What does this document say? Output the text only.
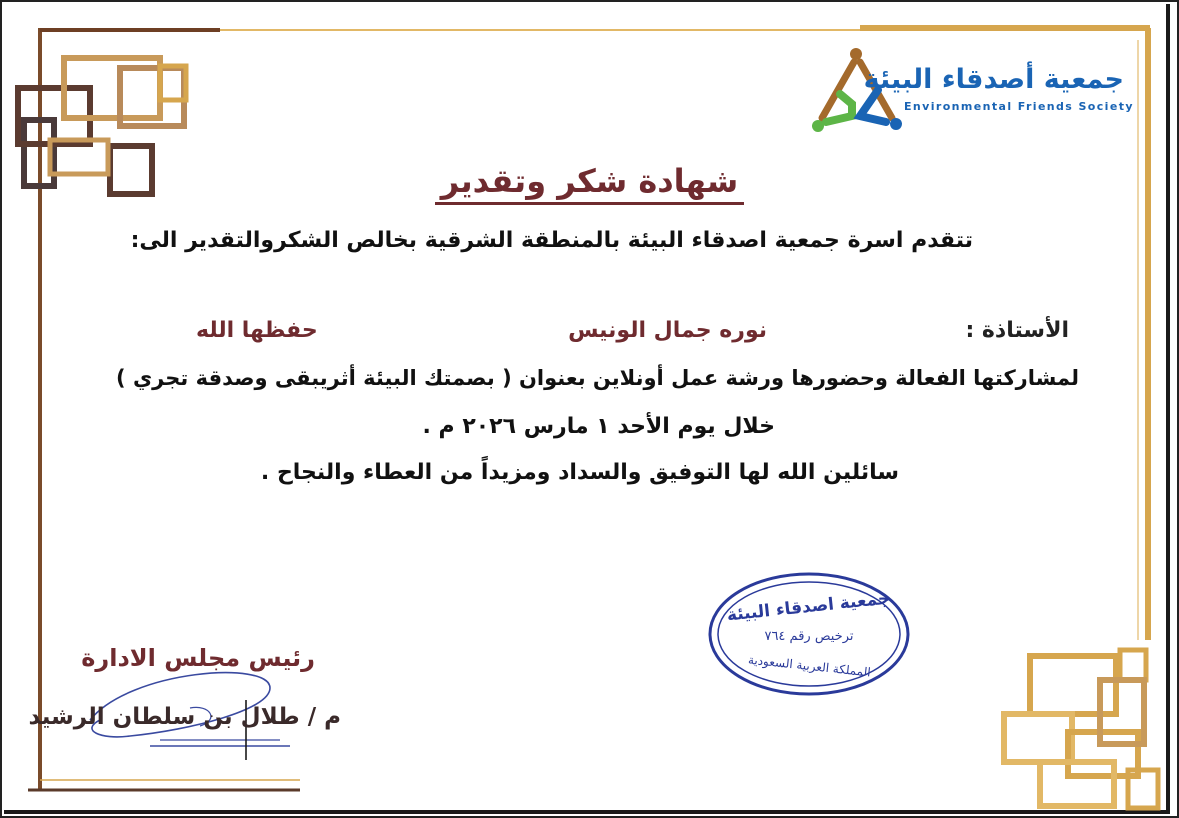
جمعية أصدقاء البيئة
Environmental Friends Society
شهادة شكر وتقدير
تتقدم اسرة جمعية اصدقاء البيئة بالمنطقة الشرقية بخالص الشكروالتقدير الى:
الأستاذة :
نوره جمال الونيس
حفظها الله
لمشاركتها الفعالة وحضورها ورشة عمل أونلاين بعنوان ( بصمتك البيئة أثريبقى وصدقة تجري )
خلال يوم الأحد ١ مارس ٢٠٢٦ م .
سائلين الله لها التوفيق والسداد ومزيداً من العطاء والنجاح .
جمعية اصدقاء البيئة
ترخيص رقم ٧٦٤
المملكة العربية السعودية
رئيس مجلس الادارة
م / طلال بن سلطان الرشيد
